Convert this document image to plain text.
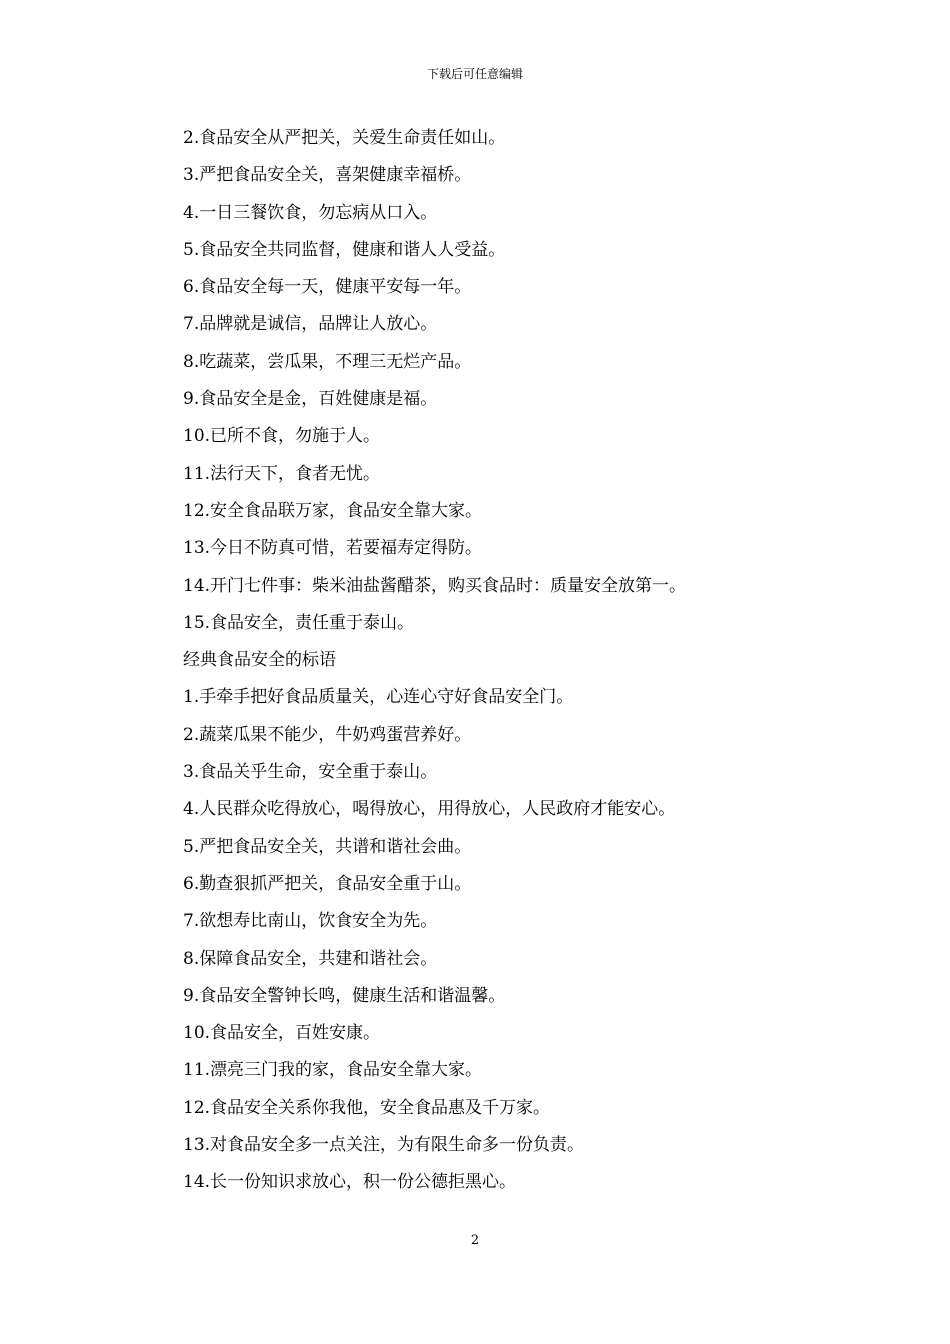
下载后可任意编辑
2.食品安全从严把关，关爱生命责任如山。
3.严把食品安全关，喜架健康幸福桥。
4.一日三餐饮食，勿忘病从口入。
5.食品安全共同监督，健康和谐人人受益。
6.食品安全每一天，健康平安每一年。
7.品牌就是诚信，品牌让人放心。
8.吃蔬菜，尝瓜果，不理三无烂产品。
9.食品安全是金，百姓健康是福。
10.已所不食，勿施于人。
11.法行天下，食者无忧。
12.安全食品联万家，食品安全靠大家。
13.今日不防真可惜，若要福寿定得防。
14.开门七件事：柴米油盐酱醋茶，购买食品时：质量安全放第一。
15.食品安全，责任重于泰山。
经典食品安全的标语
1.手牵手把好食品质量关，心连心守好食品安全门。
2.蔬菜瓜果不能少，牛奶鸡蛋营养好。
3.食品关乎生命，安全重于泰山。
4.人民群众吃得放心，喝得放心，用得放心，人民政府才能安心。
5.严把食品安全关，共谱和谐社会曲。
6.勤查狠抓严把关，食品安全重于山。
7.欲想寿比南山，饮食安全为先。
8.保障食品安全，共建和谐社会。
9.食品安全警钟长鸣，健康生活和谐温馨。
10.食品安全，百姓安康。
11.漂亮三门我的家，食品安全靠大家。
12.食品安全关系你我他，安全食品惠及千万家。
13.对食品安全多一点关注，为有限生命多一份负责。
14.长一份知识求放心，积一份公德拒黑心。
2
